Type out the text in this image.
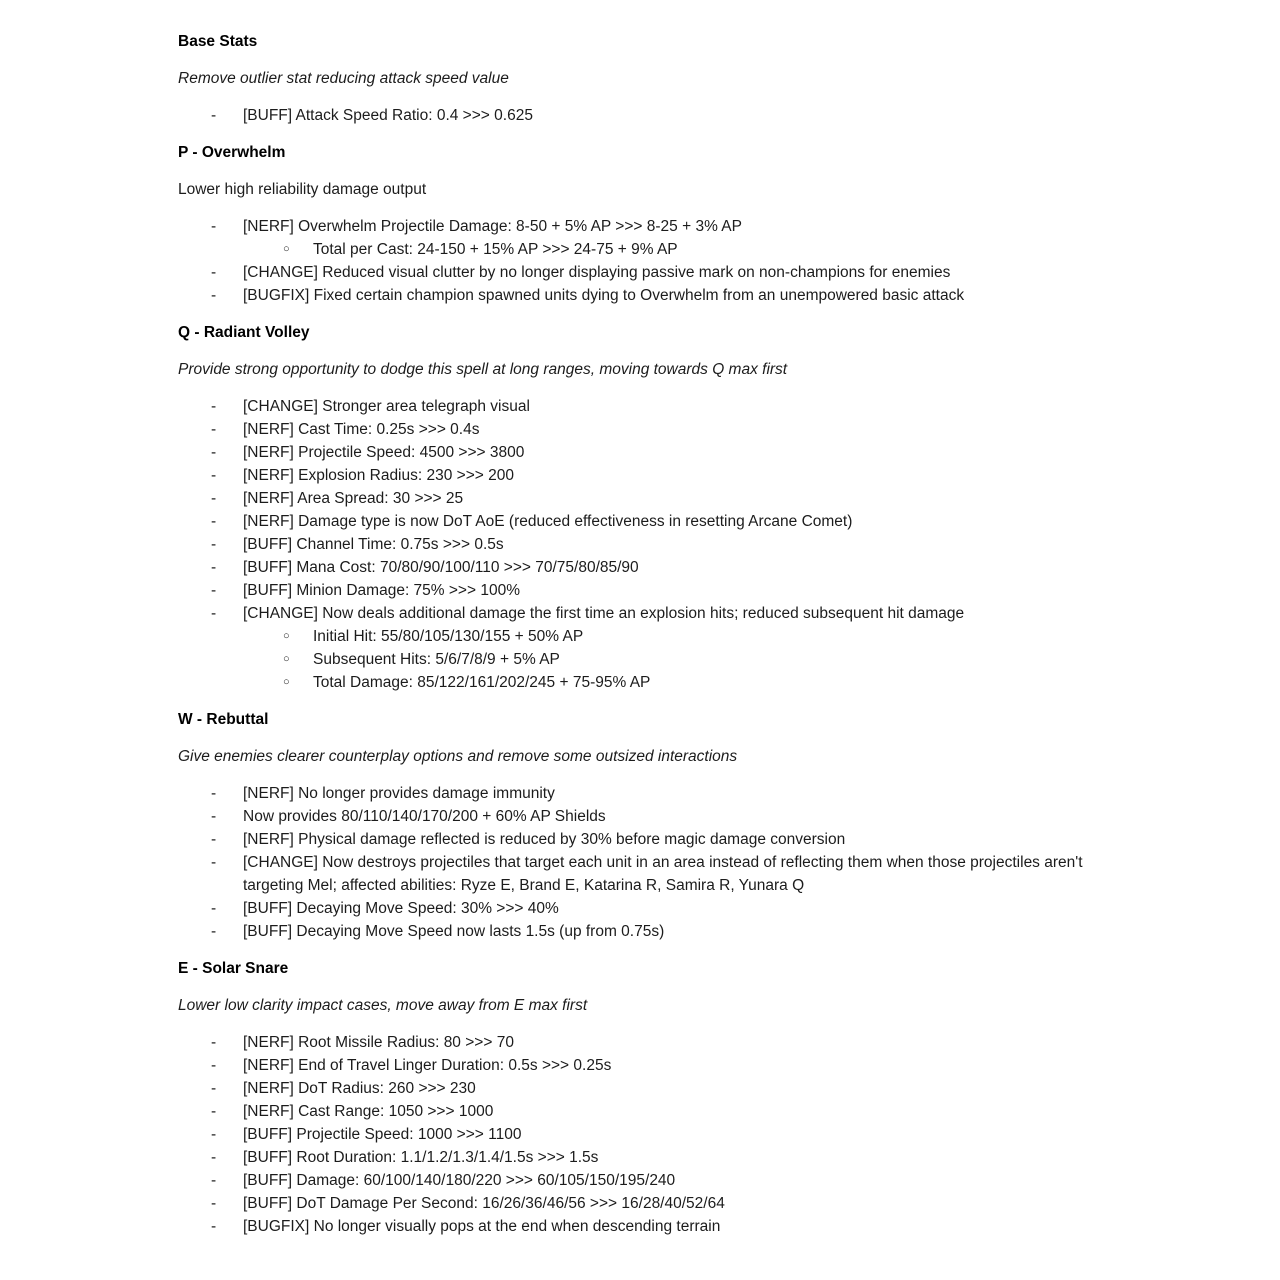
Base Stats

Remove outlier stat reducing attack speed value

-	[BUFF] Attack Speed Ratio: 0.4 >>> 0.625
P - Overwhelm

Lower high reliability damage output

-	[NERF] Overwhelm Projectile Damage: 8-50 + 5% AP >>> 8-25 + 3% AP
○	Total per Cast: 24-150 + 15% AP >>> 24-75 + 9% AP
-	[CHANGE] Reduced visual clutter by no longer displaying passive mark on non-champions for enemies
-	[BUGFIX] Fixed certain champion spawned units dying to Overwhelm from an unempowered basic attack
Q - Radiant Volley

Provide strong opportunity to dodge this spell at long ranges, moving towards Q max first

-	[CHANGE] Stronger area telegraph visual
-	[NERF] Cast Time: 0.25s >>> 0.4s
-	[NERF] Projectile Speed: 4500 >>> 3800
-	[NERF] Explosion Radius: 230 >>> 200
-	[NERF] Area Spread: 30 >>> 25
-	[NERF] Damage type is now DoT AoE (reduced effectiveness in resetting Arcane Comet)
-	[BUFF] Channel Time: 0.75s >>> 0.5s
-	[BUFF] Mana Cost: 70/80/90/100/110 >>> 70/75/80/85/90
-	[BUFF] Minion Damage: 75% >>> 100%
-	[CHANGE] Now deals additional damage the first time an explosion hits; reduced subsequent hit damage
○	Initial Hit: 55/80/105/130/155 + 50% AP
○	Subsequent Hits: 5/6/7/8/9 + 5% AP
○	Total Damage: 85/122/161/202/245 + 75-95% AP
W - Rebuttal

Give enemies clearer counterplay options and remove some outsized interactions

-	[NERF] No longer provides damage immunity
-	Now provides 80/110/140/170/200 + 60% AP Shields
-	[NERF] Physical damage reflected is reduced by 30% before magic damage conversion
-	[CHANGE] Now destroys projectiles that target each unit in an area instead of reflecting them when those projectiles aren't targeting Mel; affected abilities: Ryze E, Brand E, Katarina R, Samira R, Yunara Q
-	[BUFF] Decaying Move Speed: 30% >>> 40%
-	[BUFF] Decaying Move Speed now lasts 1.5s (up from 0.75s)
E - Solar Snare

Lower low clarity impact cases, move away from E max first

-	[NERF] Root Missile Radius: 80 >>> 70
-	[NERF] End of Travel Linger Duration: 0.5s >>> 0.25s
-	[NERF] DoT Radius: 260 >>> 230
-	[NERF] Cast Range: 1050 >>> 1000
-	[BUFF] Projectile Speed: 1000 >>> 1100
-	[BUFF] Root Duration: 1.1/1.2/1.3/1.4/1.5s >>> 1.5s
-	[BUFF] Damage: 60/100/140/180/220 >>> 60/105/150/195/240
-	[BUFF] DoT Damage Per Second: 16/26/36/46/56 >>> 16/28/40/52/64
-	[BUGFIX] No longer visually pops at the end when descending terrain
